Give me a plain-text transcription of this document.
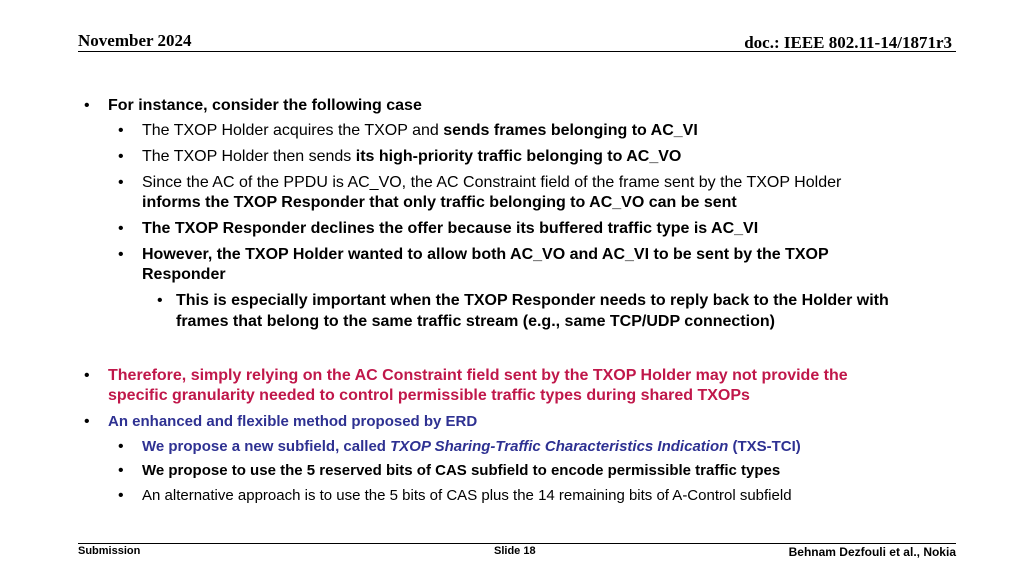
November 2024	doc.: IEEE 802.11-14/1871r3
• For instance, consider the following case
• The TXOP Holder acquires the TXOP and sends frames belonging to AC_VI
• The TXOP Holder then sends its high-priority traffic belonging to AC_VO
• Since the AC of the PPDU is AC_VO, the AC Constraint field of the frame sent by the TXOP Holder
informs the TXOP Responder that only traffic belonging to AC_VO can be sent
• The TXOP Responder declines the offer because its buffered traffic type is AC_VI
• However, the TXOP Holder wanted to allow both AC_VO and AC_VI to be sent by the TXOP
Responder
• This is especially important when the TXOP Responder needs to reply back to the Holder with
frames that belong to the same traffic stream (e.g., same TCP/UDP connection)
• Therefore, simply relying on the AC Constraint field sent by the TXOP Holder may not provide the
specific granularity needed to control permissible traffic types during shared TXOPs
• An enhanced and flexible method proposed by ERD
• We propose a new subfield, called TXOP Sharing-Traffic Characteristics Indication (TXS-TCI)
• We propose to use the 5 reserved bits of CAS subfield to encode permissible traffic types
• An alternative approach is to use the 5 bits of CAS plus the 14 remaining bits of A-Control subfield
Submission	Slide 18	Behnam Dezfouli et al., Nokia
